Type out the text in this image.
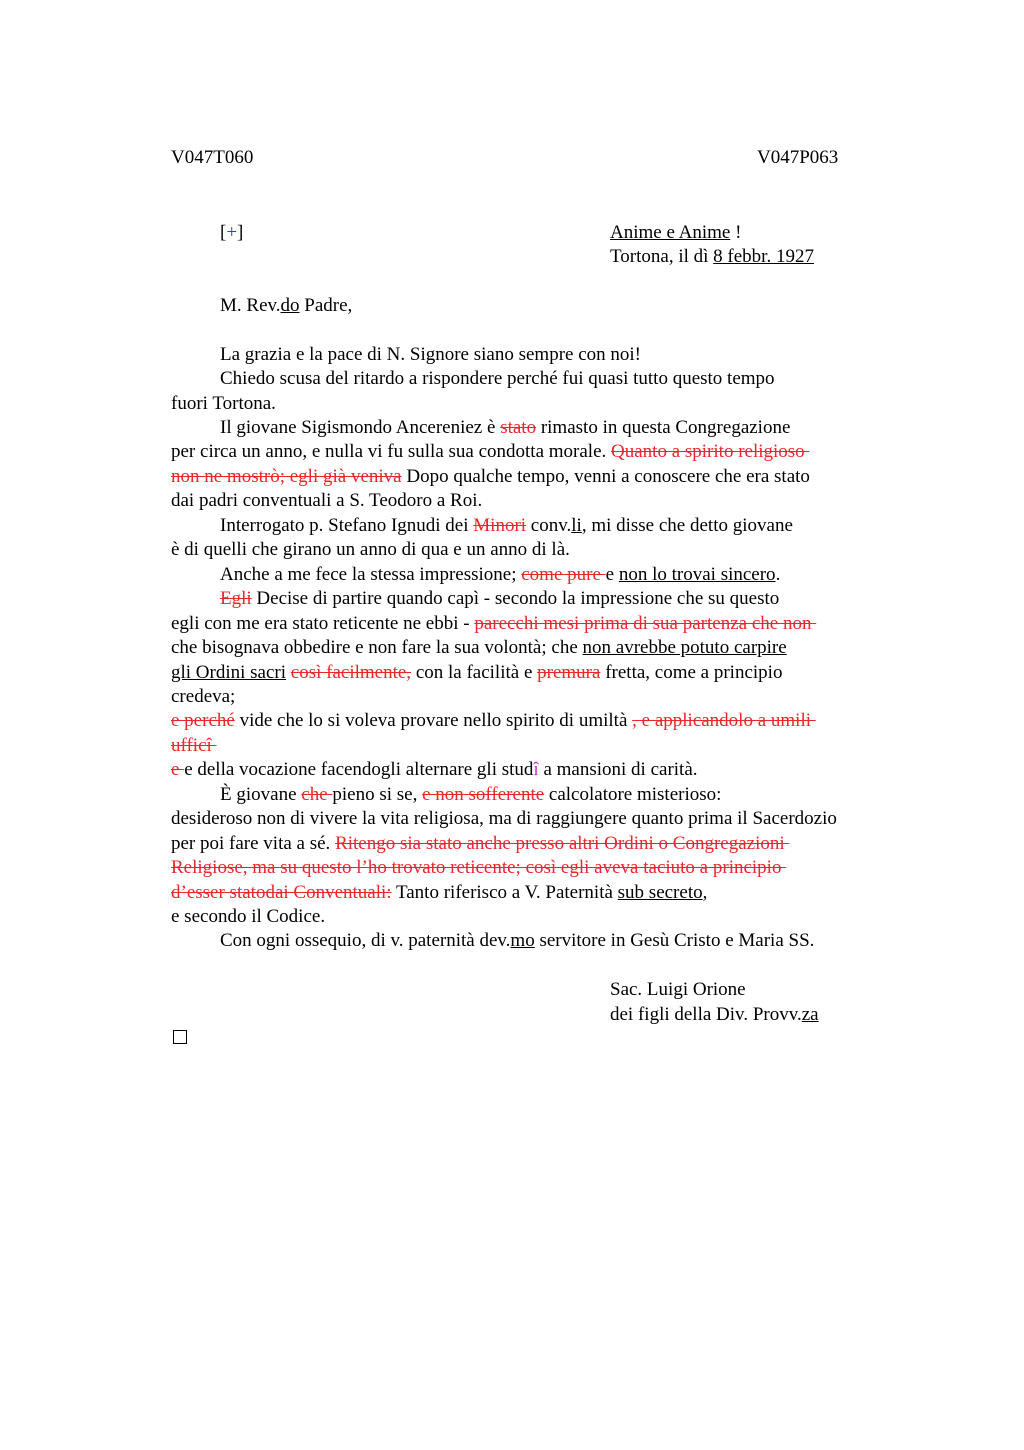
V047T060	V047P063
[+]	Anime e Anime !
Tortona, il dì 8 febbr. 1927
M. Rev.do Padre,
La grazia e la pace di N. Signore siano sempre con noi!
Chiedo scusa del ritardo a rispondere perché fui quasi tutto questo tempo
fuori Tortona.
Il giovane Sigismondo Ancereniez è stato rimasto in questa Congregazione
per circa un anno, e nulla vi fu sulla sua condotta morale. Quanto a spirito religioso
non ne mostrò; egli già veniva Dopo qualche tempo, venni a conoscere che era stato
dai padri conventuali a S. Teodoro a Roi.
Interrogato p. Stefano Ignudi dei Minori conv.li, mi disse che detto giovane
è di quelli che girano un anno di qua e un anno di là.
Anche a me fece la stessa impressione; come pure e non lo trovai sincero.
Egli Decise di partire quando capì - secondo la impressione che su questo
egli con me era stato reticente ne ebbi - parecchi mesi prima di sua partenza che non
che bisognava obbedire e non fare la sua volontà; che non avrebbe potuto carpire
gli Ordini sacri così facilmente, con la facilità e premura fretta, come a principio
credeva;
e perché vide che lo si voleva provare nello spirito di umiltà , e applicandolo a umili
ufficî
e e della vocazione facendogli alternare gli studî a mansioni di carità.
È giovane che pieno si se, e non sofferente calcolatore misterioso:
desideroso non di vivere la vita religiosa, ma di raggiungere quanto prima il Sacerdozio
per poi fare vita a sé. Ritengo sia stato anche presso altri Ordini o Congregazioni
Religiose, ma su questo l’ho trovato reticente; così egli aveva taciuto a principio
d’esser statodai Conventuali: Tanto riferisco a V. Paternità sub secreto,
e secondo il Codice.
Con ogni ossequio, di v. paternità dev.mo servitore in Gesù Cristo e Maria SS.
Sac. Luigi Orione
dei figli della Div. Provv.za
